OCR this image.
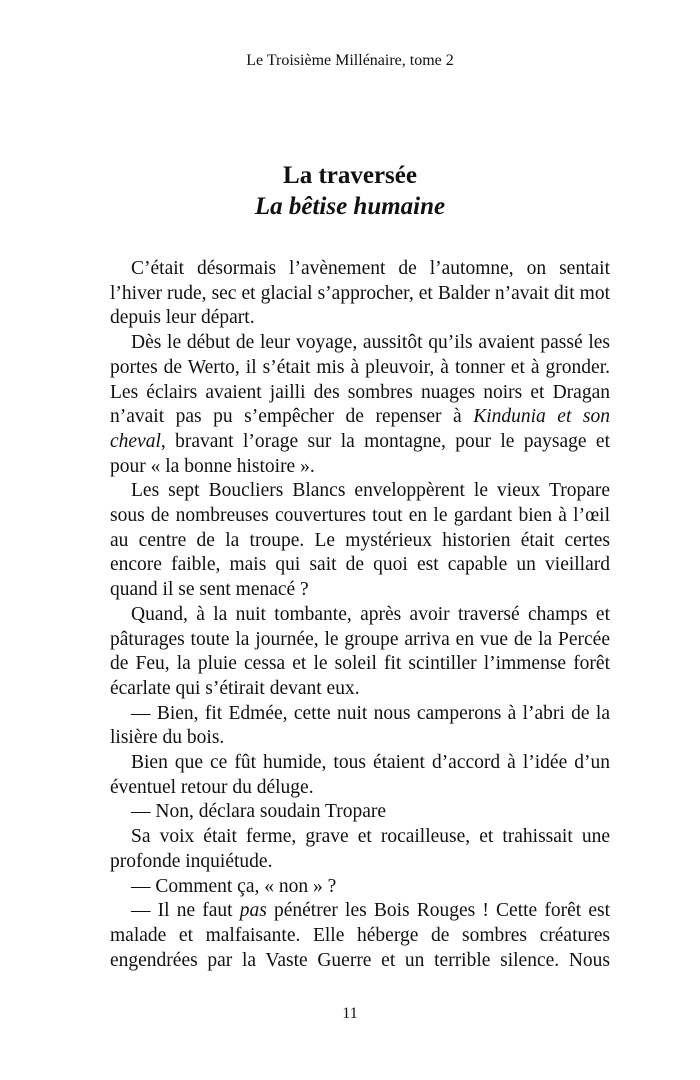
Le Troisième Millénaire, tome 2
La traversée
La bêtise humaine

C’était désormais l’avènement de l’automne, on sentait l’hiver rude, sec et glacial s’approcher, et Balder n’avait dit mot depuis leur départ.

Dès le début de leur voyage, aussitôt qu’ils avaient passé les portes de Werto, il s’était mis à pleuvoir, à tonner et à gronder. Les éclairs avaient jailli des sombres nuages noirs et Dragan n’avait pas pu s’empêcher de repenser à Kindunia et son cheval, bravant l’orage sur la montagne, pour le paysage et pour « la bonne histoire ».

Les sept Boucliers Blancs enveloppèrent le vieux Tropare sous de nombreuses couvertures tout en le gardant bien à l’œil au centre de la troupe. Le mystérieux historien était certes encore faible, mais qui sait de quoi est capable un vieillard quand il se sent menacé ?

Quand, à la nuit tombante, après avoir traversé champs et pâturages toute la journée, le groupe arriva en vue de la Percée de Feu, la pluie cessa et le soleil fit scintiller l’immense forêt écarlate qui s’étirait devant eux.

— Bien, fit Edmée, cette nuit nous camperons à l’abri de la lisière du bois.

Bien que ce fût humide, tous étaient d’accord à l’idée d’un éventuel retour du déluge.

— Non, déclara soudain Tropare

Sa voix était ferme, grave et rocailleuse, et trahissait une profonde inquiétude.

— Comment ça, « non » ?

— Il ne faut pas pénétrer les Bois Rouges ! Cette forêt est malade et malfaisante. Elle héberge de sombres créatures engendrées par la Vaste Guerre et un terrible silence. Nous

11
